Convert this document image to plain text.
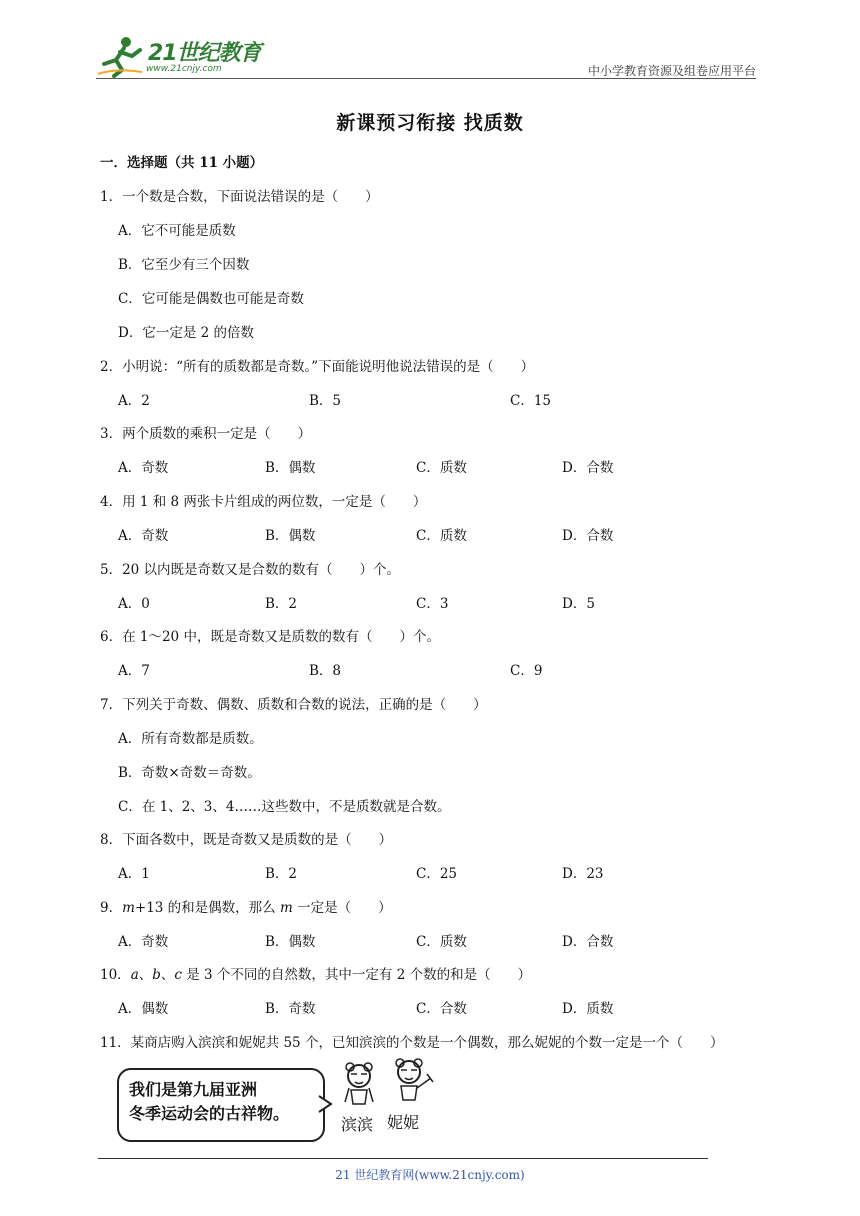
21世纪教育
www.21cnjy.com	中小学教育资源及组卷应用平台
新课预习衔接 找质数
一．选择题（共 11 小题）
1．一个数是合数，下面说法错误的是（　　）
A．它不可能是质数
B．它至少有三个因数
C．它可能是偶数也可能是奇数
D．它一定是 2 的倍数
2．小明说：“所有的质数都是奇数。”下面能说明他说法错误的是（　　）
A．2	B．5	C．15
3．两个质数的乘积一定是（　　）
A．奇数	B．偶数	C．质数	D．合数
4．用 1 和 8 两张卡片组成的两位数，一定是（　　）
A．奇数	B．偶数	C．质数	D．合数
5．20 以内既是奇数又是合数的数有（　　）个。
A．0	B．2	C．3	D．5
6．在 1～20 中，既是奇数又是质数的数有（　　）个。
A．7	B．8	C．9
7．下列关于奇数、偶数、质数和合数的说法，正确的是（　　）
A．所有奇数都是质数。
B．奇数×奇数＝奇数。
C．在 1、2、3、4……这些数中，不是质数就是合数。
8．下面各数中，既是奇数又是质数的是（　　）
A．1	B．2	C．25	D．23
9．m+13 的和是偶数，那么 m 一定是（　　）
A．奇数	B．偶数	C．质数	D．合数
10．a、b、c 是 3 个不同的自然数，其中一定有 2 个数的和是（　　）
A．偶数	B．奇数	C．合数	D．质数
11．某商店购入滨滨和妮妮共 55 个，已知滨滨的个数是一个偶数，那么妮妮的个数一定是一个（　　）
我们是第九届亚洲
冬季运动会的古祥物。
滨滨 妮妮
21 世纪教育网(www.21cnjy.com)
